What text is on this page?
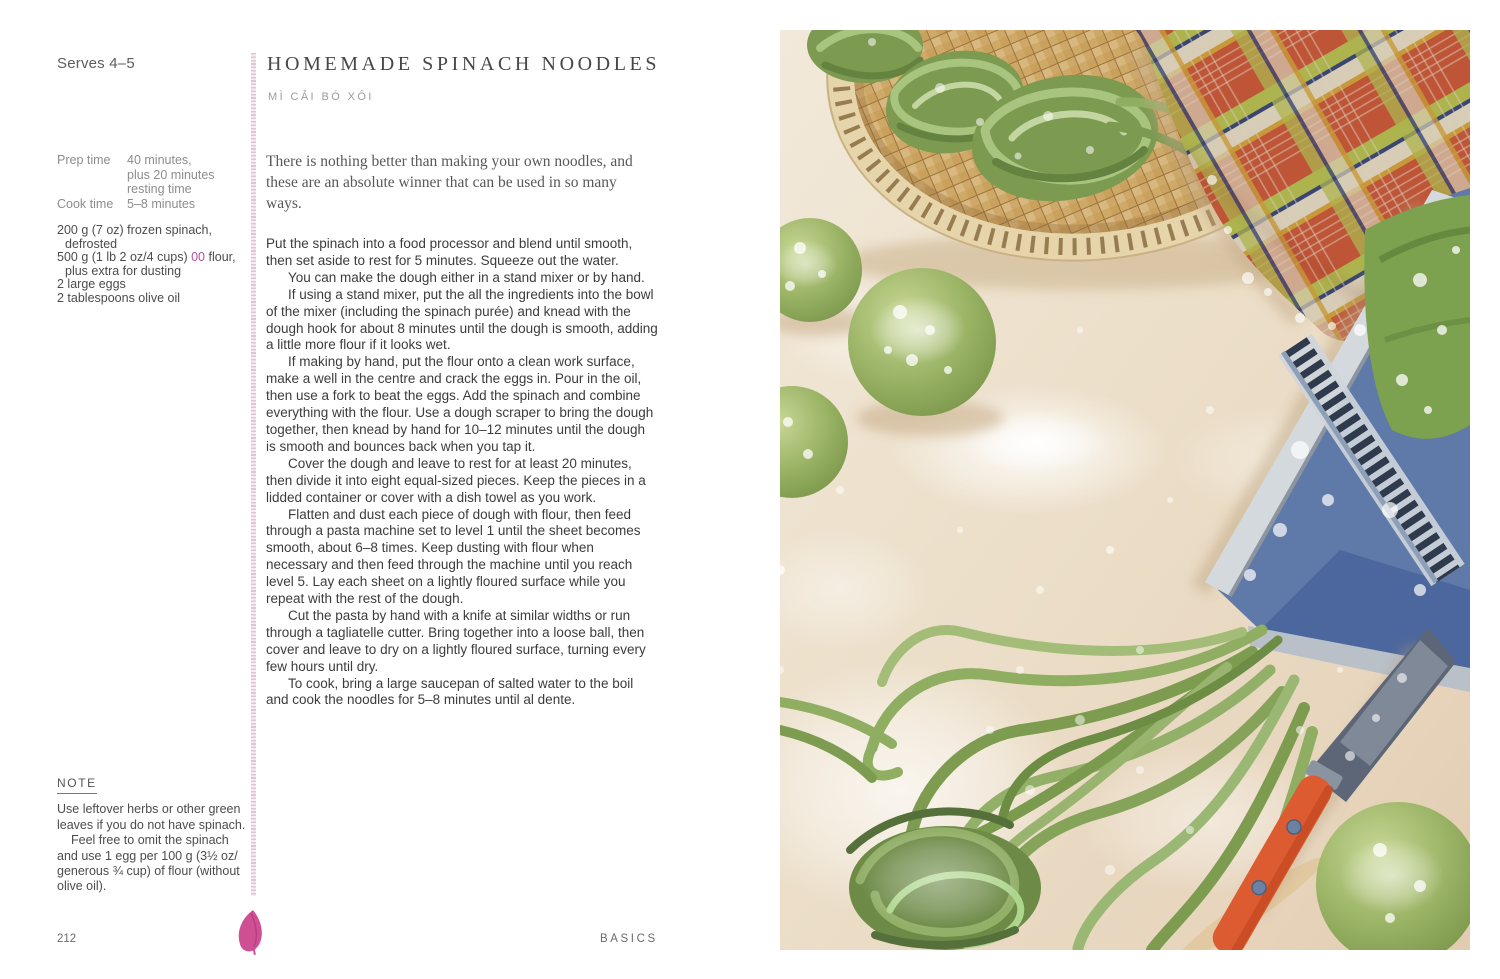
Serves 4–5
Prep time	40 minutes,
plus 20 minutes
resting time
Cook time	5–8 minutes
200 g (7 oz) frozen spinach, defrosted
500 g (1 lb 2 oz/4 cups) 00 flour, plus extra for dusting
2 large eggs
2 tablespoons olive oil
NOTE

Use leftover herbs or other green leaves if you do not have spinach.

Feel free to omit the spinach and use 1 egg per 100 g (3½ oz/ generous ¾ cup) of flour (without olive oil).

HOMEMADE SPINACH NOODLES
MÌ CẢI BÓ XÔI
There is nothing better than making your own noodles, and these are an absolute winner that can be used in so many ways.

Put the spinach into a food processor and blend until smooth, then set aside to rest for 5 minutes. Squeeze out the water.

You can make the dough either in a stand mixer or by hand.

If using a stand mixer, put the all the ingredients into the bowl of the mixer (including the spinach purée) and knead with the dough hook for about 8 minutes until the dough is smooth, adding a little more flour if it looks wet.

If making by hand, put the flour onto a clean work surface, make a well in the centre and crack the eggs in. Pour in the oil, then use a fork to beat the eggs. Add the spinach and combine everything with the flour. Use a dough scraper to bring the dough together, then knead by hand for 10–12 minutes until the dough is smooth and bounces back when you tap it.

Cover the dough and leave to rest for at least 20 minutes, then divide it into eight equal-sized pieces. Keep the pieces in a lidded container or cover with a dish towel as you work.

Flatten and dust each piece of dough with flour, then feed through a pasta machine set to level 1 until the sheet becomes smooth, about 6–8 times. Keep dusting with flour when necessary and then feed through the machine until you reach level 5. Lay each sheet on a lightly floured surface while you repeat with the rest of the dough.

Cut the pasta by hand with a knife at similar widths or run through a tagliatelle cutter. Bring together into a loose ball, then cover and leave to dry on a lightly floured surface, turning every few hours until dry.

To cook, bring a large saucepan of salted water to the boil and cook the noodles for 5–8 minutes until al dente.

212	BASICS
